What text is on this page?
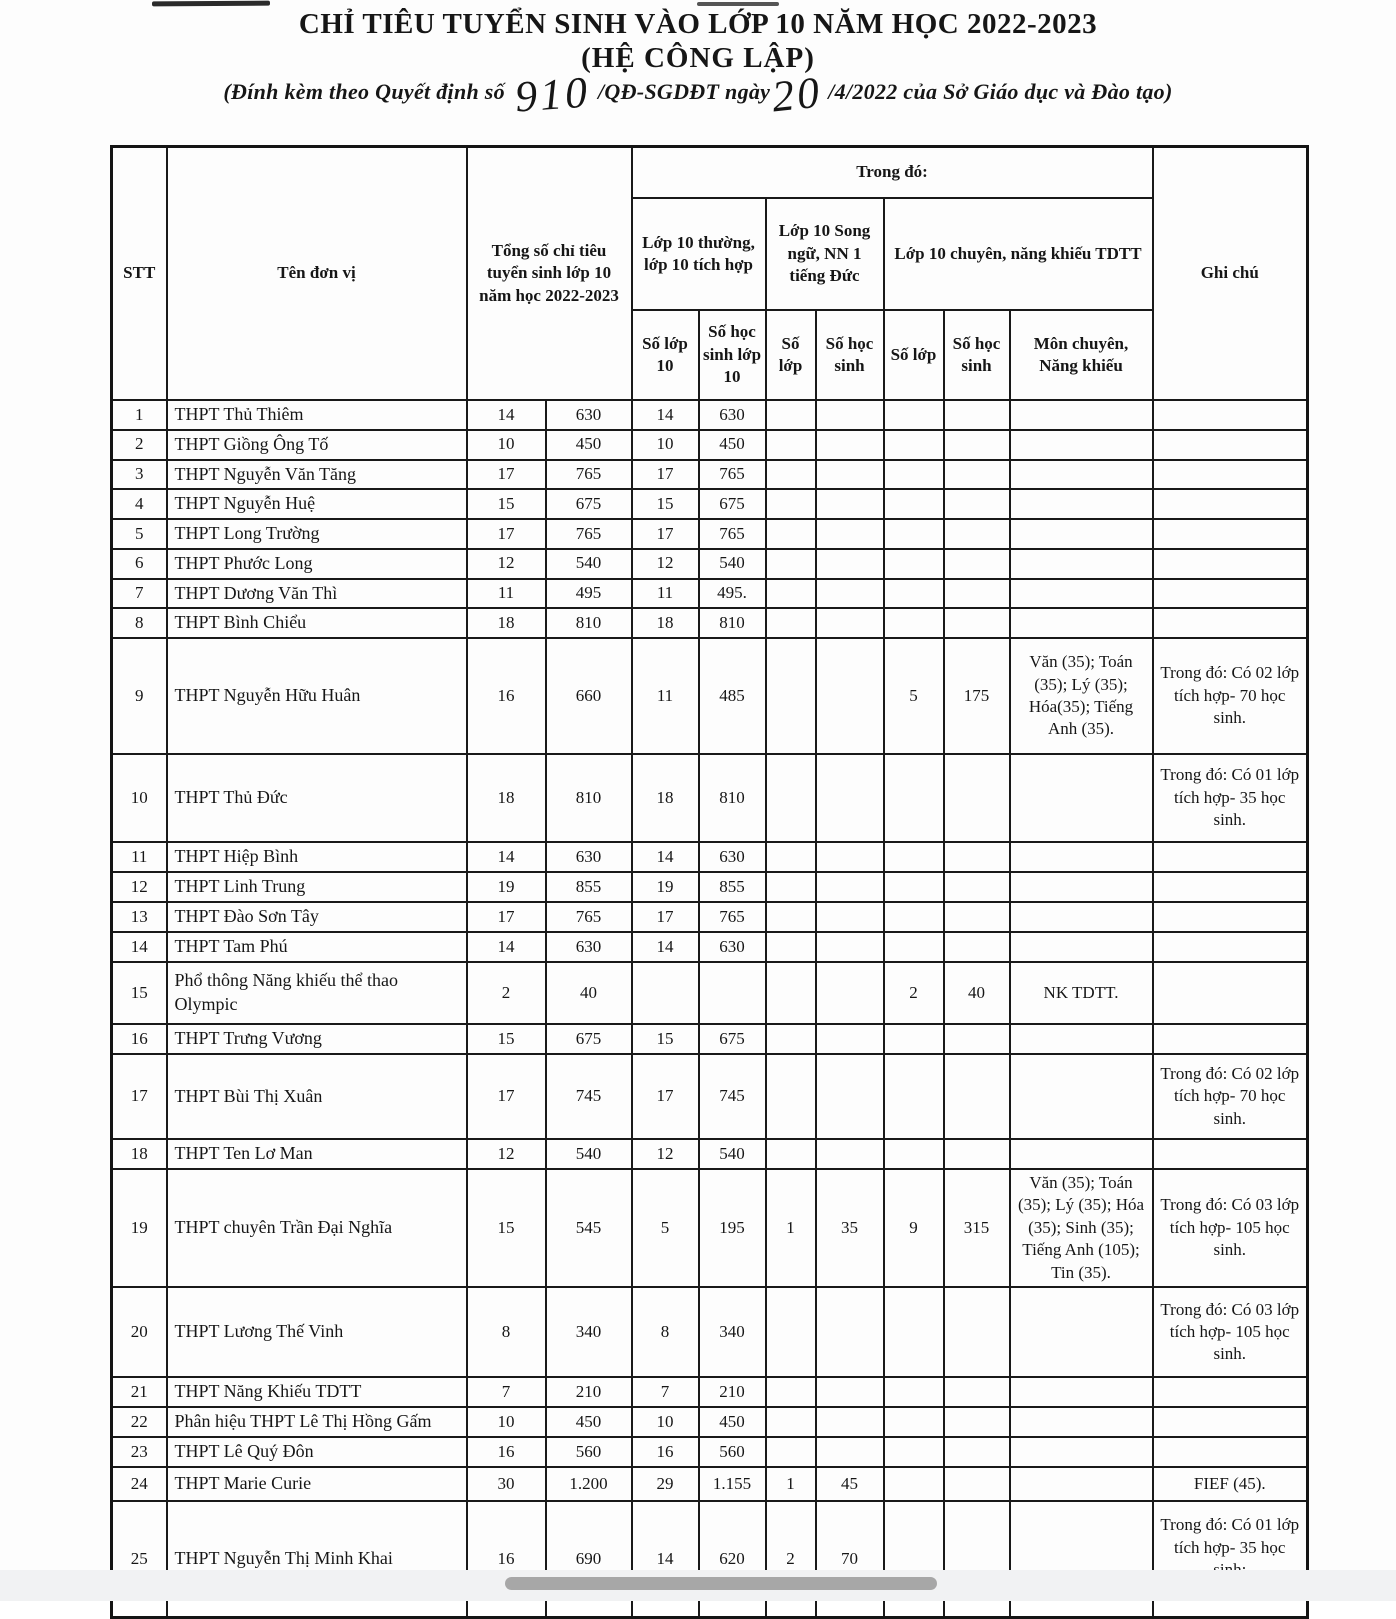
CHỈ TIÊU TUYỂN SINH VÀO LỚP 10 NĂM HỌC 2022-2023
(HỆ CÔNG LẬP)
(Đính kèm theo Quyết định số 910 /QĐ-SGDĐT ngày20 /4/2022 của Sở Giáo dục và Đào tạo)
STT	Tên đơn vị	Tổng số chỉ tiêu tuyển sinh lớp 10 năm học 2022-2023		Trong đó:							Ghi chú
				Lớp 10 thường, lớp 10 tích hợp		Lớp 10 Song ngữ, NN 1 tiếng Đức		Lớp 10 chuyên, năng khiếu TDTT			
				Số lớp 10	Số học sinh lớp 10	Số lớp	Số học sinh	Số lớp	Số học sinh	Môn chuyên, Năng khiếu	
1	THPT Thủ Thiêm	14	630	14	630						
2	THPT Giồng Ông Tố	10	450	10	450						
3	THPT Nguyễn Văn Tăng	17	765	17	765						
4	THPT Nguyễn Huệ	15	675	15	675						
5	THPT Long Trường	17	765	17	765						
6	THPT Phước Long	12	540	12	540						
7	THPT Dương Văn Thì	11	495	11	495.						
8	THPT Bình Chiểu	18	810	18	810						
9	THPT Nguyễn Hữu Huân	16	660	11	485			5	175	Văn (35); Toán (35); Lý (35); Hóa(35); Tiếng Anh (35).	Trong đó: Có 02 lớp tích hợp- 70 học sinh.
10	THPT Thủ Đức	18	810	18	810						Trong đó: Có 01 lớp tích hợp- 35 học sinh.
11	THPT Hiệp Bình	14	630	14	630						
12	THPT Linh Trung	19	855	19	855						
13	THPT Đào Sơn Tây	17	765	17	765						
14	THPT Tam Phú	14	630	14	630						
15	Phổ thông Năng khiếu thể thao Olympic	2	40					2	40	NK TDTT.	
16	THPT Trưng Vương	15	675	15	675						
17	THPT Bùi Thị Xuân	17	745	17	745						Trong đó: Có 02 lớp tích hợp- 70 học sinh.
18	THPT Ten Lơ Man	12	540	12	540						
19	THPT chuyên Trần Đại Nghĩa	15	545	5	195	1	35	9	315	Văn (35); Toán (35); Lý (35); Hóa (35); Sinh (35); Tiếng Anh (105); Tin (35).	Trong đó: Có 03 lớp tích hợp- 105 học sinh.
20	THPT Lương Thế Vinh	8	340	8	340						Trong đó: Có 03 lớp tích hợp- 105 học sinh.
21	THPT Năng Khiếu TDTT	7	210	7	210						
22	Phân hiệu THPT Lê Thị Hồng Gấm	10	450	10	450						
23	THPT Lê Quý Đôn	16	560	16	560						
24	THPT Marie Curie	30	1.200	29	1.155	1	45				FIEF (45).
25	THPT Nguyễn Thị Minh Khai	16	690	14	620	2	70				Trong đó: Có 01 lớp tích hợp- 35 học
